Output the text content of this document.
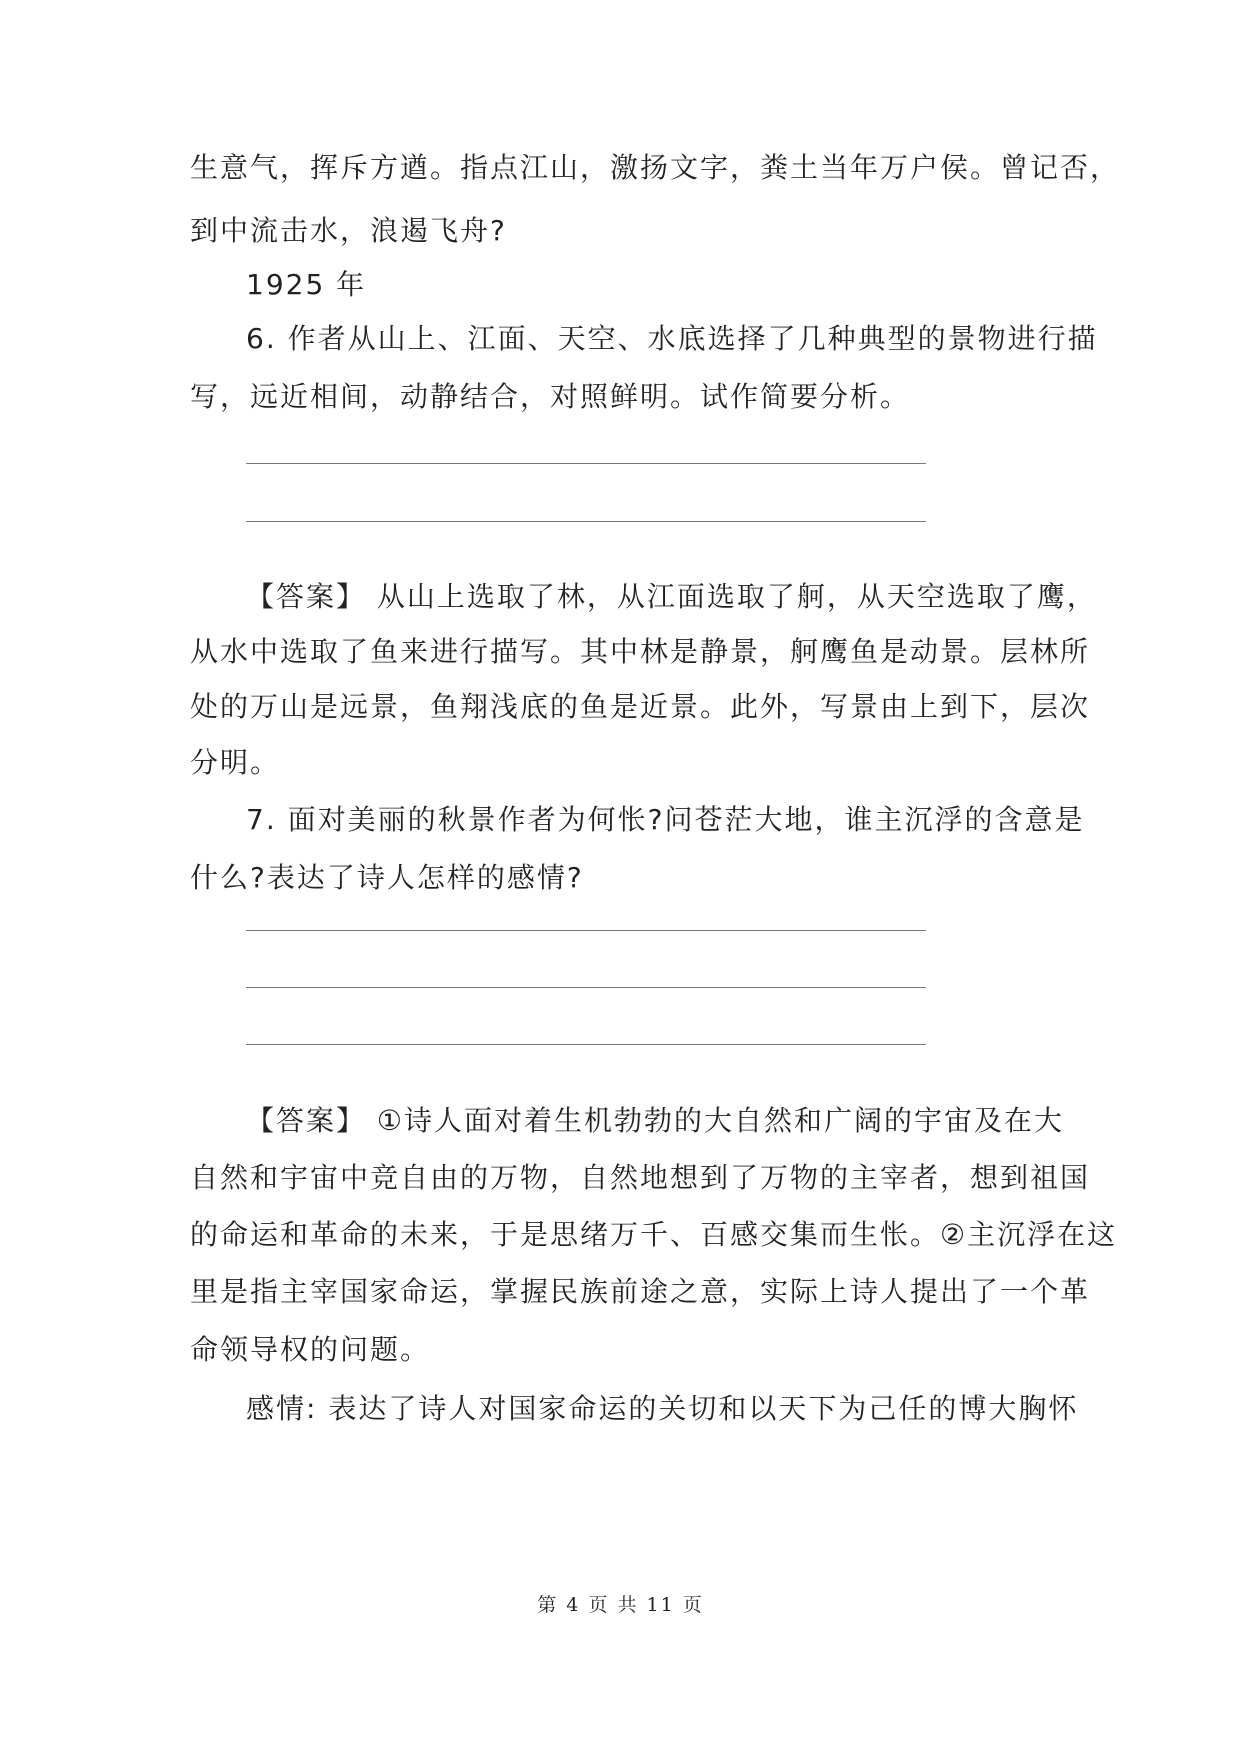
生意气，挥斥方遒。指点江山，激扬文字，粪土当年万户侯。曾记否，
到中流击水，浪遏飞舟?
1925 年
6. 作者从山上、江面、天空、水底选择了几种典型的景物进行描
写，远近相间，动静结合，对照鲜明。试作简要分析。
【答案】 从山上选取了林，从江面选取了舸，从天空选取了鹰，
从水中选取了鱼来进行描写。其中林是静景，舸鹰鱼是动景。层林所
处的万山是远景，鱼翔浅底的鱼是近景。此外，写景由上到下，层次
分明。
7. 面对美丽的秋景作者为何怅?问苍茫大地，谁主沉浮的含意是
什么?表达了诗人怎样的感情?
【答案】 ①诗人面对着生机勃勃的大自然和广阔的宇宙及在大
自然和宇宙中竞自由的万物，自然地想到了万物的主宰者，想到祖国
的命运和革命的未来，于是思绪万千、百感交集而生怅。②主沉浮在这
里是指主宰国家命运，掌握民族前途之意，实际上诗人提出了一个革
命领导权的问题。
感情: 表达了诗人对国家命运的关切和以天下为己任的博大胸怀
第 4 页 共 11 页
